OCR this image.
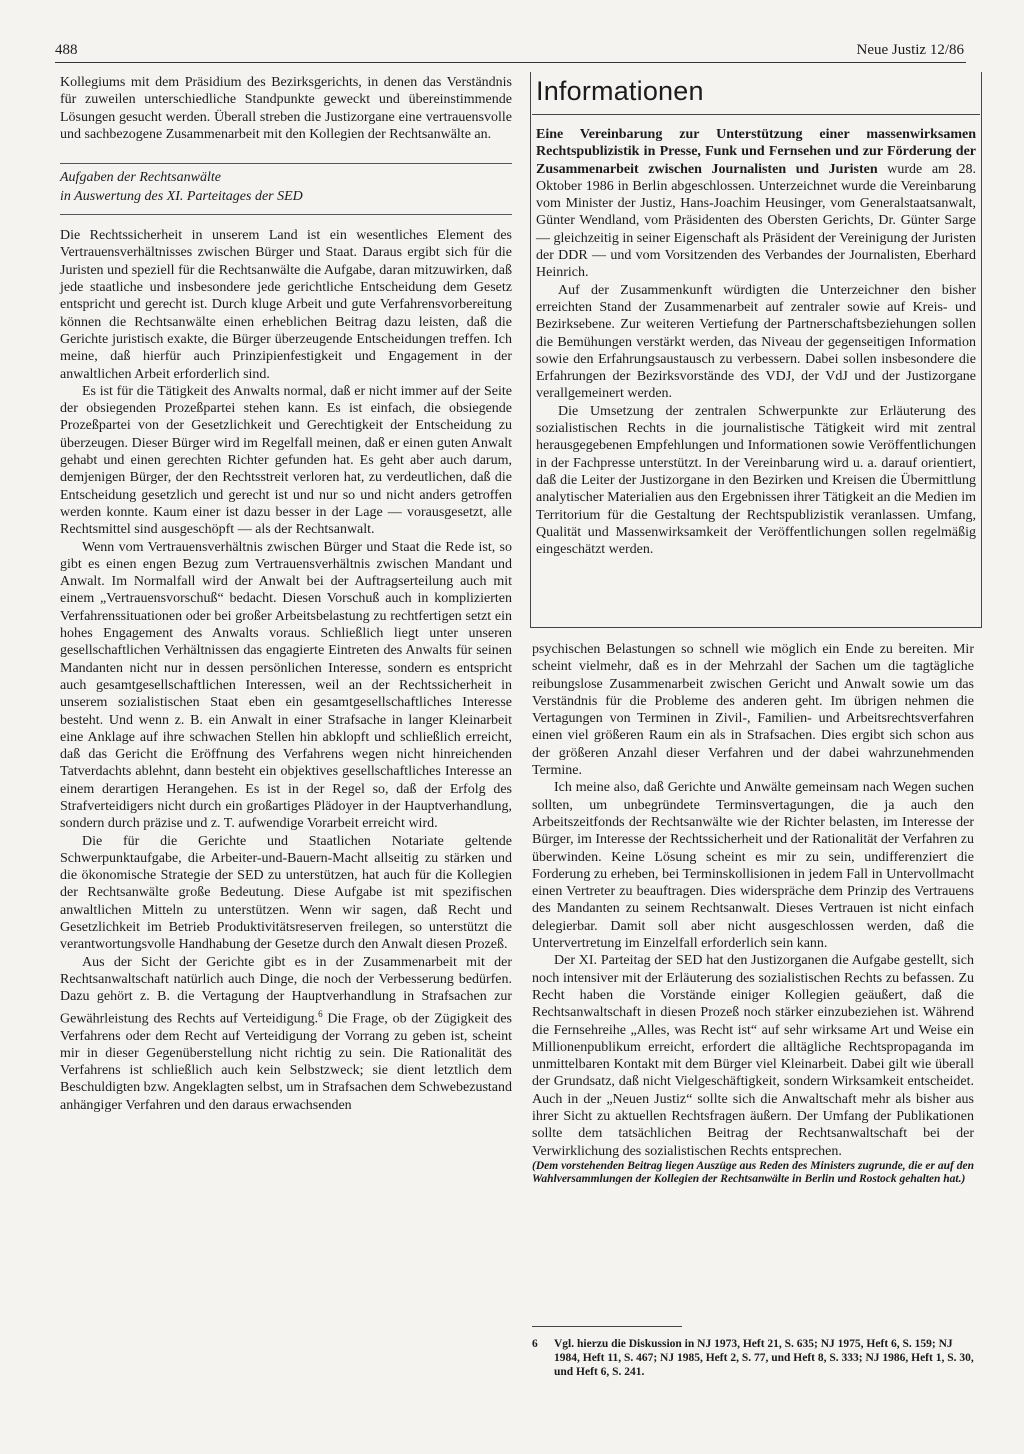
488	Neue Justiz 12/86

Kollegiums mit dem Präsidium des Bezirksgerichts, in denen das Verständnis für zuweilen unterschiedliche Standpunkte geweckt und übereinstimmende Lösungen gesucht werden. Überall streben die Justizorgane eine vertrauensvolle und sachbezogene Zusammenarbeit mit den Kollegien der Rechtsanwälte an.

Aufgaben der Rechtsanwälte
in Auswertung des XI. Parteitages der SED

Die Rechtssicherheit in unserem Land ist ein wesentliches Element des Vertrauensverhältnisses zwischen Bürger und Staat. Daraus ergibt sich für die Juristen und speziell für die Rechtsanwälte die Aufgabe, daran mitzuwirken, daß jede staatliche und insbesondere jede gerichtliche Entscheidung dem Gesetz entspricht und gerecht ist. Durch kluge Arbeit und gute Verfahrensvorbereitung können die Rechtsanwälte einen erheblichen Beitrag dazu leisten, daß die Gerichte juristisch exakte, die Bürger überzeugende Entscheidungen treffen. Ich meine, daß hierfür auch Prinzipienfestigkeit und Engagement in der anwaltlichen Arbeit erforderlich sind.

Es ist für die Tätigkeit des Anwalts normal, daß er nicht immer auf der Seite der obsiegenden Prozeßpartei stehen kann. Es ist einfach, die obsiegende Prozeßpartei von der Gesetzlichkeit und Gerechtigkeit der Entscheidung zu überzeugen. Dieser Bürger wird im Regelfall meinen, daß er einen guten Anwalt gehabt und einen gerechten Richter gefunden hat. Es geht aber auch darum, demjenigen Bürger, der den Rechtsstreit verloren hat, zu verdeutlichen, daß die Entscheidung gesetzlich und gerecht ist und nur so und nicht anders getroffen werden konnte. Kaum einer ist dazu besser in der Lage — vorausgesetzt, alle Rechtsmittel sind ausgeschöpft — als der Rechtsanwalt.

Wenn vom Vertrauensverhältnis zwischen Bürger und Staat die Rede ist, so gibt es einen engen Bezug zum Vertrauensverhältnis zwischen Mandant und Anwalt. Im Normalfall wird der Anwalt bei der Auftragserteilung auch mit einem „Vertrauensvorschuß“ bedacht. Diesen Vorschuß auch in komplizierten Verfahrenssituationen oder bei großer Arbeitsbelastung zu rechtfertigen setzt ein hohes Engagement des Anwalts voraus. Schließlich liegt unter unseren gesellschaftlichen Verhältnissen das engagierte Eintreten des Anwalts für seinen Mandanten nicht nur in dessen persönlichen Interesse, sondern es entspricht auch gesamtgesellschaftlichen Interessen, weil an der Rechtssicherheit in unserem sozialistischen Staat eben ein gesamtgesellschaftliches Interesse besteht. Und wenn z. B. ein Anwalt in einer Strafsache in langer Kleinarbeit eine Anklage auf ihre schwachen Stellen hin abklopft und schließlich erreicht, daß das Gericht die Eröffnung des Verfahrens wegen nicht hinreichenden Tatverdachts ablehnt, dann besteht ein objektives gesellschaftliches Interesse an einem derartigen Herangehen. Es ist in der Regel so, daß der Erfolg des Strafverteidigers nicht durch ein großartiges Plädoyer in der Hauptverhandlung, sondern durch präzise und z. T. aufwendige Vorarbeit erreicht wird.

Die für die Gerichte und Staatlichen Notariate geltende Schwerpunktaufgabe, die Arbeiter-und-Bauern-Macht allseitig zu stärken und die ökonomische Strategie der SED zu unterstützen, hat auch für die Kollegien der Rechtsanwälte große Bedeutung. Diese Aufgabe ist mit spezifischen anwaltlichen Mitteln zu unterstützen. Wenn wir sagen, daß Recht und Gesetzlichkeit im Betrieb Produktivitätsreserven freilegen, so unterstützt die verantwortungsvolle Handhabung der Gesetze durch den Anwalt diesen Prozeß.

Aus der Sicht der Gerichte gibt es in der Zusammenarbeit mit der Rechtsanwaltschaft natürlich auch Dinge, die noch der Verbesserung bedürfen. Dazu gehört z. B. die Vertagung der Hauptverhandlung in Strafsachen zur Gewährleistung des Rechts auf Verteidigung.$^6$ Die Frage, ob der Zügigkeit des Verfahrens oder dem Recht auf Verteidigung der Vorrang zu geben ist, scheint mir in dieser Gegenüberstellung nicht richtig zu sein. Die Rationalität des Verfahrens ist schließlich auch kein Selbstzweck; sie dient letztlich dem Beschuldigten bzw. Angeklagten selbst, um in Strafsachen dem Schwebezustand anhängiger Verfahren und den daraus erwachsenden

Informationen

Eine Vereinbarung zur Unterstützung einer massenwirksamen Rechtspublizistik in Presse, Funk und Fernsehen und zur Förderung der Zusammenarbeit zwischen Journalisten und Juristen wurde am 28. Oktober 1986 in Berlin abgeschlossen. Unterzeichnet wurde die Vereinbarung vom Minister der Justiz, Hans-Joachim Heusinger, vom Generalstaatsanwalt, Günter Wendland, vom Präsidenten des Obersten Gerichts, Dr. Günter Sarge — gleichzeitig in seiner Eigenschaft als Präsident der Vereinigung der Juristen der DDR — und vom Vorsitzenden des Verbandes der Journalisten, Eberhard Heinrich.

Auf der Zusammenkunft würdigten die Unterzeichner den bisher erreichten Stand der Zusammenarbeit auf zentraler sowie auf Kreis- und Bezirksebene. Zur weiteren Vertiefung der Partnerschaftsbeziehungen sollen die Bemühungen verstärkt werden, das Niveau der gegenseitigen Information sowie den Erfahrungsaustausch zu verbessern. Dabei sollen insbesondere die Erfahrungen der Bezirksvorstände des VDJ, der VdJ und der Justizorgane verallgemeinert werden.

Die Umsetzung der zentralen Schwerpunkte zur Erläuterung des sozialistischen Rechts in die journalistische Tätigkeit wird mit zentral herausgegebenen Empfehlungen und Informationen sowie Veröffentlichungen in der Fachpresse unterstützt. In der Vereinbarung wird u. a. darauf orientiert, daß die Leiter der Justizorgane in den Bezirken und Kreisen die Übermittlung analytischer Materialien aus den Ergebnissen ihrer Tätigkeit an die Medien im Territorium für die Gestaltung der Rechtspublizistik veranlassen. Umfang, Qualität und Massenwirksamkeit der Veröffentlichungen sollen regelmäßig eingeschätzt werden.

psychischen Belastungen so schnell wie möglich ein Ende zu bereiten. Mir scheint vielmehr, daß es in der Mehrzahl der Sachen um die tagtägliche reibungslose Zusammenarbeit zwischen Gericht und Anwalt sowie um das Verständnis für die Probleme des anderen geht. Im übrigen nehmen die Vertagungen von Terminen in Zivil-, Familien- und Arbeitsrechtsverfahren einen viel größeren Raum ein als in Strafsachen. Dies ergibt sich schon aus der größeren Anzahl dieser Verfahren und der dabei wahrzunehmenden Termine.

Ich meine also, daß Gerichte und Anwälte gemeinsam nach Wegen suchen sollten, um unbegründete Terminsvertagungen, die ja auch den Arbeitszeitfonds der Rechtsanwälte wie der Richter belasten, im Interesse der Bürger, im Interesse der Rechtssicherheit und der Rationalität der Verfahren zu überwinden. Keine Lösung scheint es mir zu sein, undifferenziert die Forderung zu erheben, bei Terminskollisionen in jedem Fall in Untervollmacht einen Vertreter zu beauftragen. Dies widerspräche dem Prinzip des Vertrauens des Mandanten zu seinem Rechtsanwalt. Dieses Vertrauen ist nicht einfach delegierbar. Damit soll aber nicht ausgeschlossen werden, daß die Untervertretung im Einzelfall erforderlich sein kann.

Der XI. Parteitag der SED hat den Justizorganen die Aufgabe gestellt, sich noch intensiver mit der Erläuterung des sozialistischen Rechts zu befassen. Zu Recht haben die Vorstände einiger Kollegien geäußert, daß die Rechtsanwaltschaft in diesen Prozeß noch stärker einzubeziehen ist. Während die Fernsehreihe „Alles, was Recht ist“ auf sehr wirksame Art und Weise ein Millionenpublikum erreicht, erfordert die alltägliche Rechtspropaganda im unmittelbaren Kontakt mit dem Bürger viel Kleinarbeit. Dabei gilt wie überall der Grundsatz, daß nicht Vielgeschäftigkeit, sondern Wirksamkeit entscheidet. Auch in der „Neuen Justiz“ sollte sich die Anwaltschaft mehr als bisher aus ihrer Sicht zu aktuellen Rechtsfragen äußern. Der Umfang der Publikationen sollte dem tatsächlichen Beitrag der Rechtsanwaltschaft bei der Verwirklichung des sozialistischen Rechts entsprechen.

(Dem vorstehenden Beitrag liegen Auszüge aus Reden des Ministers zugrunde, die er auf den Wahlversammlungen der Kollegien der Rechtsanwälte in Berlin und Rostock gehalten hat.)

6 Vgl. hierzu die Diskussion in NJ 1973, Heft 21, S. 635; NJ 1975, Heft 6, S. 159; NJ 1984, Heft 11, S. 467; NJ 1985, Heft 2, S. 77, und Heft 8, S. 333; NJ 1986, Heft 1, S. 30, und Heft 6, S. 241.
